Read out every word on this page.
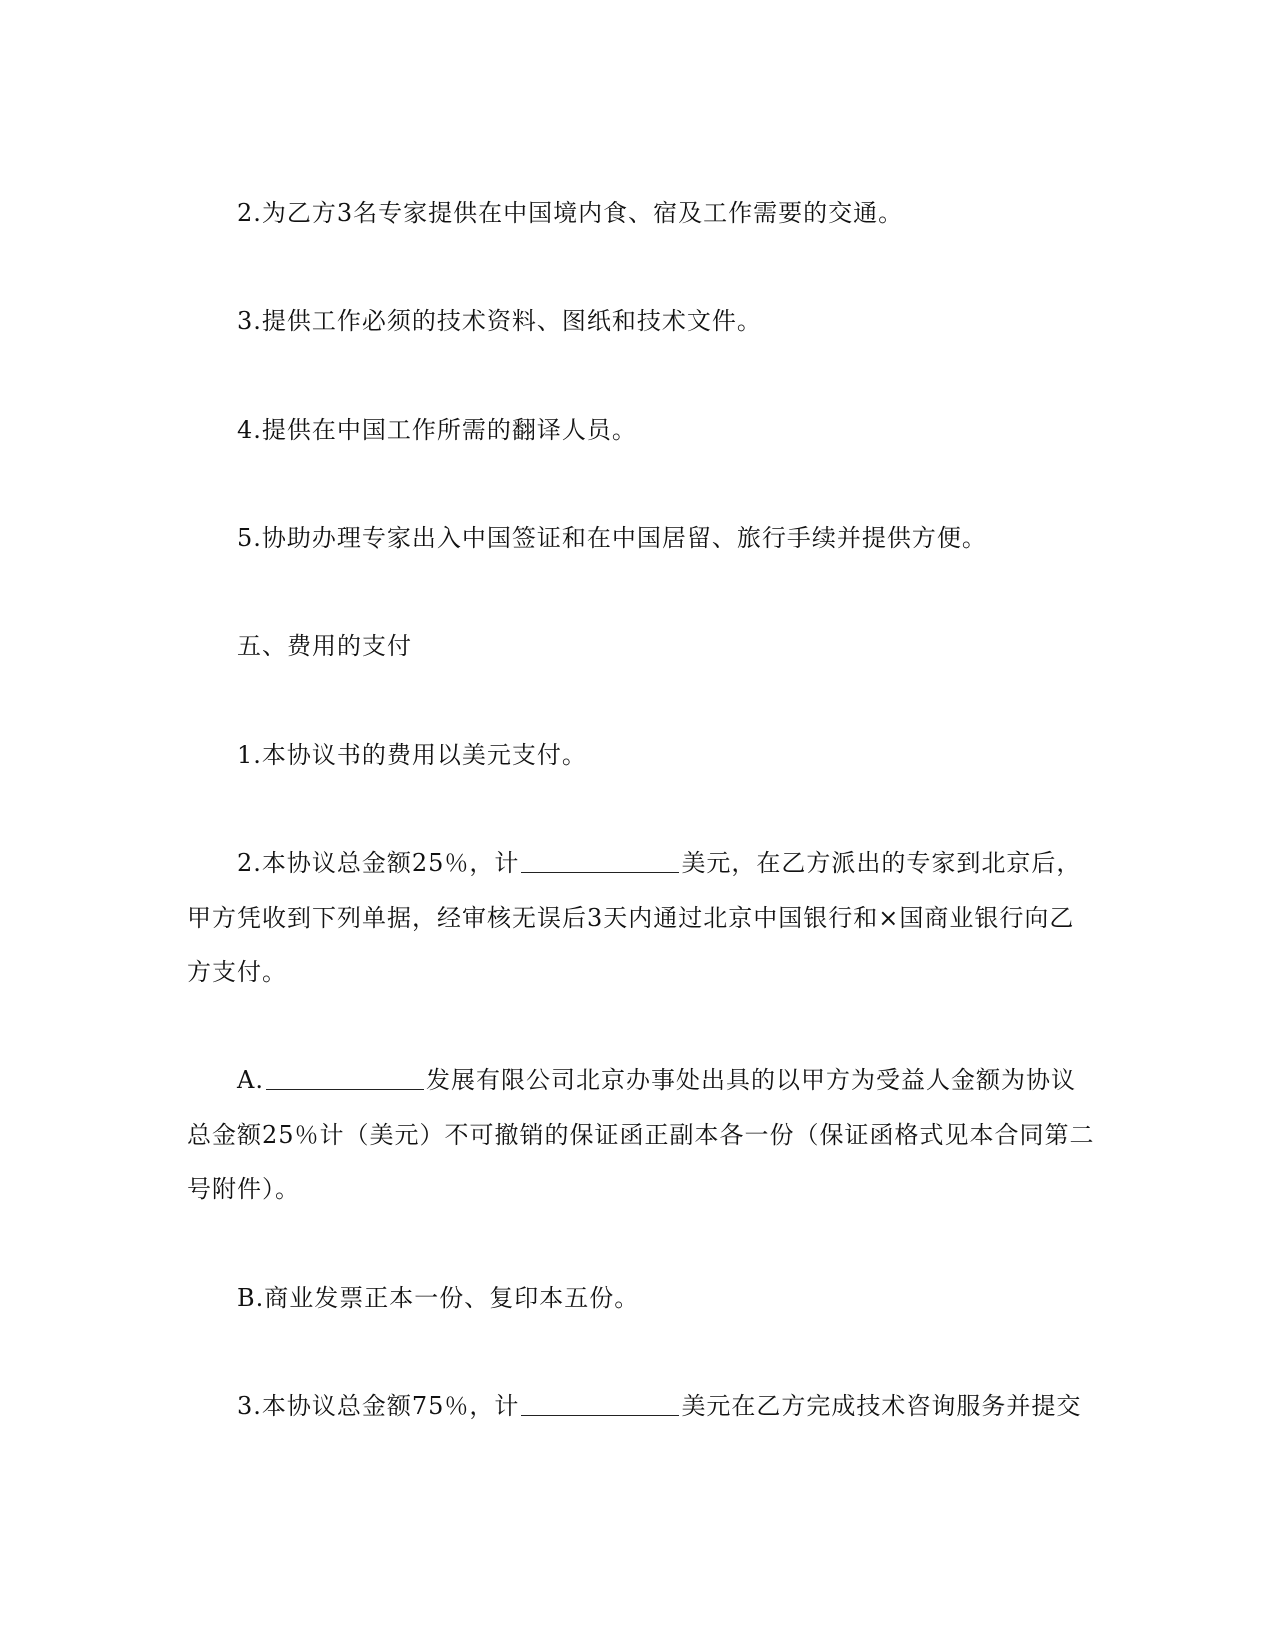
2.为乙方3名专家提供在中国境内食、宿及工作需要的交通。
3.提供工作必须的技术资料、图纸和技术文件。
4.提供在中国工作所需的翻译人员。
5.协助办理专家出入中国签证和在中国居留、旅行手续并提供方便。
五、费用的支付
1.本协议书的费用以美元支付。
2.本协议总金额25％，计	美元，在乙方派出的专家到北京后，
甲方凭收到下列单据，经审核无误后3天内通过北京中国银行和×国商业银行向乙
方支付。
A.	发展有限公司北京办事处出具的以甲方为受益人金额为协议
总金额25％计（美元）不可撤销的保证函正副本各一份（保证函格式见本合同第二
号附件）。
B.商业发票正本一份、复印本五份。
3.本协议总金额75％，计	美元在乙方完成技术咨询服务并提交
